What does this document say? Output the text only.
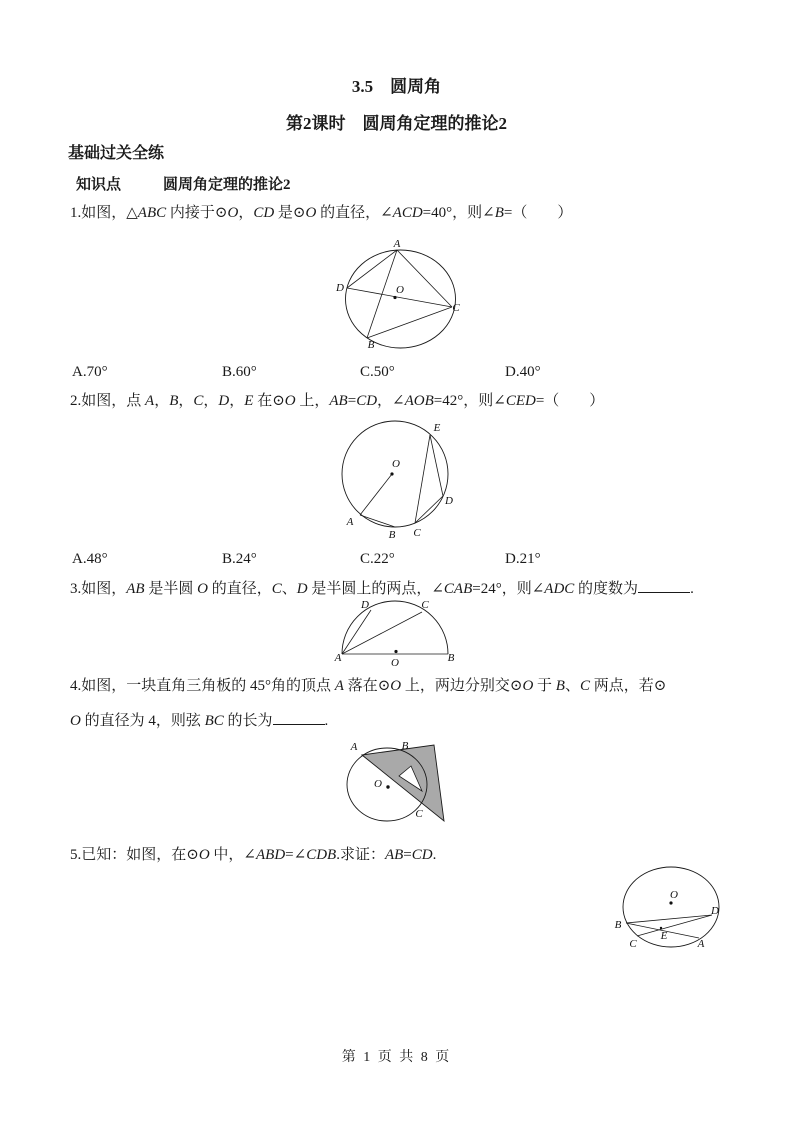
3.5　圆周角
第2课时　圆周角定理的推论2
基础过关全练
知识点	圆周角定理的推论2
1.如图，△ABC 内接于⊙O，CD 是⊙O 的直径，∠ACD=40°，则∠B=（　　）
A
D
C
B
O
A.70°	B.60°	C.50°	D.40°
2.如图，点 A，B，C，D，E 在⊙O 上，AB=CD，∠AOB=42°，则∠CED=（　　）
O
E
D
C
B
A
A.48°	B.24°	C.22°	D.21°
3.如图，AB 是半圆 O 的直径，C、D 是半圆上的两点，∠CAB=24°，则∠ADC 的度数为	.
A	B
O
D	C
4.如图，一块直角三角板的 45°角的顶点 A 落在⊙O 上，两边分别交⊙O 于 B、C 两点，若⊙
O 的直径为 4，则弦 BC 的长为	.
A	B
C
O
5.已知：如图，在⊙O 中，∠ABD=∠CDB.求证：AB=CD.
O
B
C
E
A
D
第 1 页 共 8 页
